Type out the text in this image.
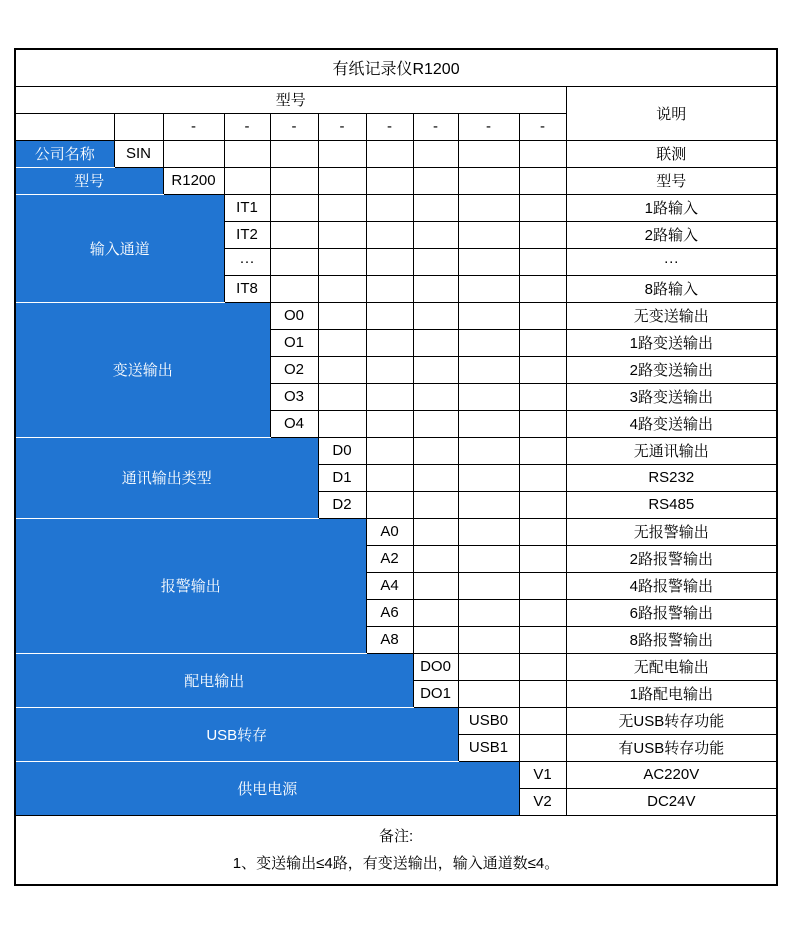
有纸记录仪R1200										
型号										说明
		-	-	-	-	-	-	-	-	
公司名称	SIN									联测
型号		R1200								型号
输入通道			IT1							1路输入
			IT2							2路输入
			···							···
			IT8							8路输入
变送输出				O0						无变送输出
				O1						1路变送输出
				O2						2路变送输出
				O3						3路变送输出
				O4						4路变送输出
通讯输出类型					D0					无通讯输出
					D1					RS232
					D2					RS485
报警输出						A0				无报警输出
						A2				2路报警输出
						A4				4路报警输出
						A6				6路报警输出
						A8				8路报警输出
配电输出							DO0			无配电输出
							DO1			1路配电输出
USB转存								USB0		无USB转存功能
								USB1		有USB转存功能
供电电源									V1	AC220V
									V2	DC24V

备注:
1、变送输出≤4路，有变送输出，输入通道数≤4。										
